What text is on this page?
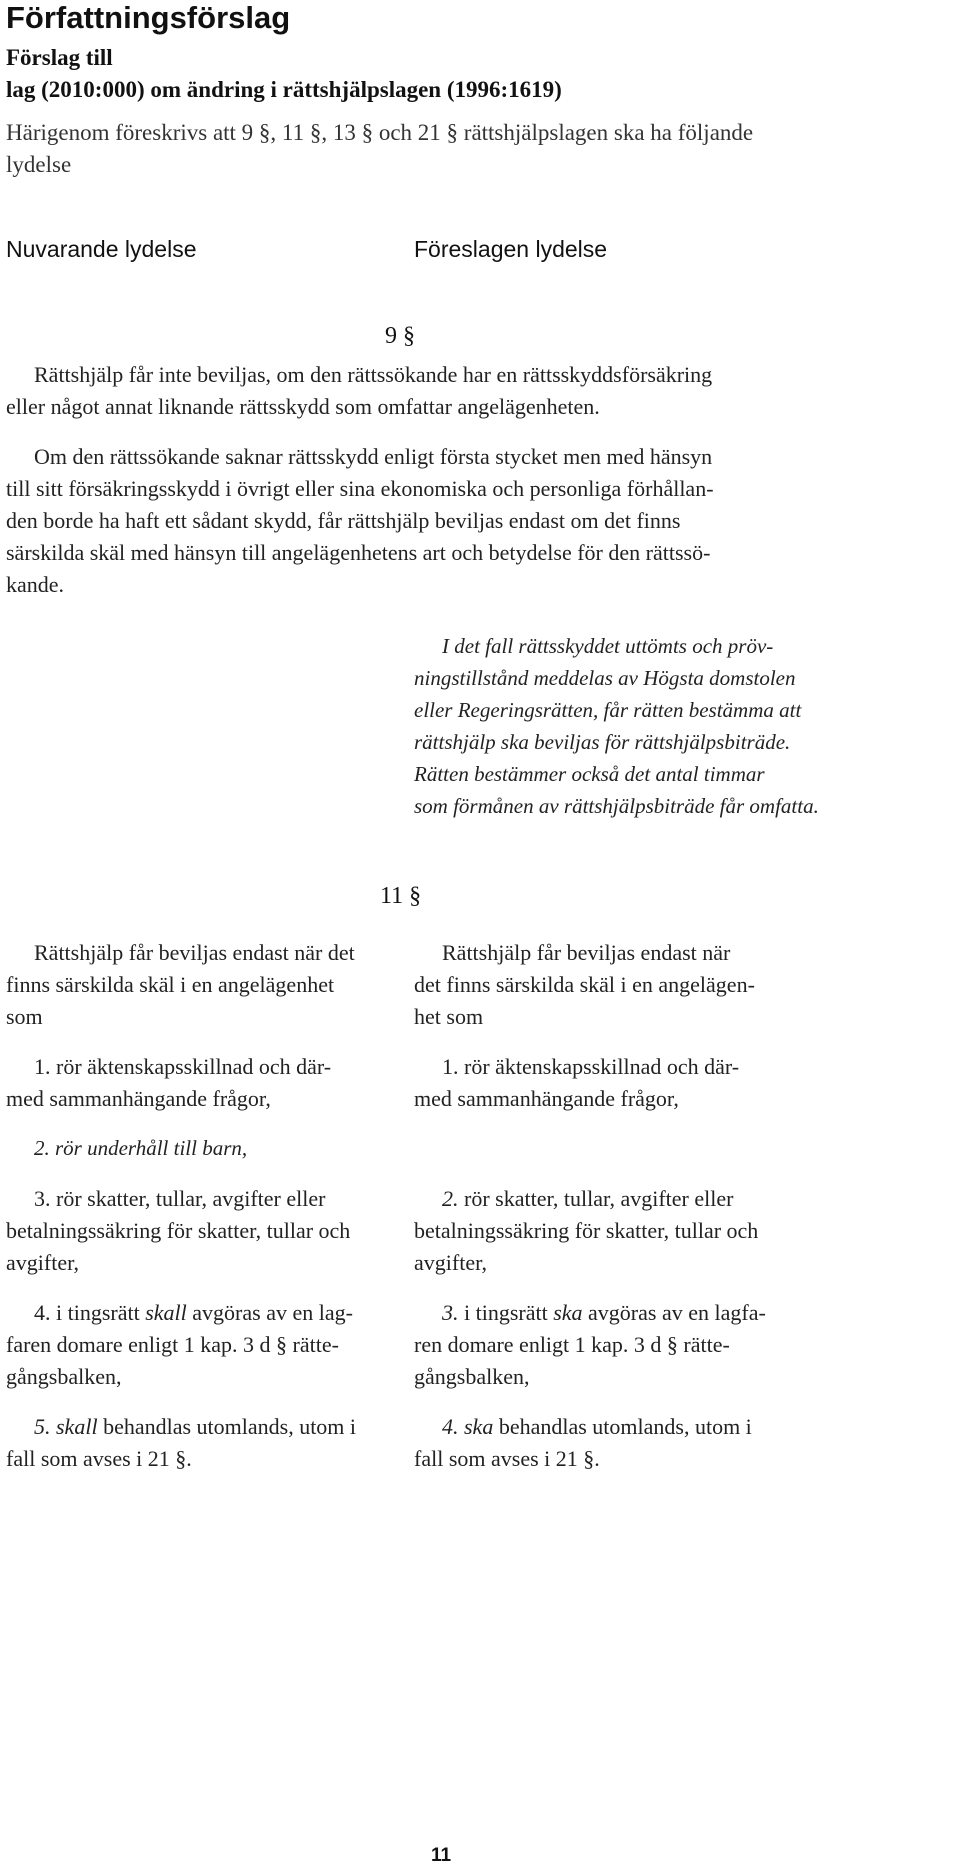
Författningsförslag
Förslag till
lag (2010:000) om ändring i rättshjälpslagen (1996:1619)
Härigenom föreskrivs att 9 §, 11 §, 13 § och 21 § rättshjälpslagen ska ha följande
lydelse
Nuvarande lydelse	Föreslagen lydelse
9 §
Rättshjälp får inte beviljas, om den rättssökande har en rättsskyddsförsäkring
eller något annat liknande rättsskydd som omfattar angelägenheten.
Om den rättssökande saknar rättsskydd enligt första stycket men med hänsyn
till sitt försäkringsskydd i övrigt eller sina ekonomiska och personliga förhållan-
den borde ha haft ett sådant skydd, får rättshjälp beviljas endast om det finns
särskilda skäl med hänsyn till angelägenhetens art och betydelse för den rättssö-
kande.
I det fall rättsskyddet uttömts och pröv-
ningstillstånd meddelas av Högsta domstolen
eller Regeringsrätten, får rätten bestämma att
rättshjälp ska beviljas för rättshjälpsbiträde.
Rätten bestämmer också det antal timmar
som förmånen av rättshjälpsbiträde får omfatta.
11 §
Rättshjälp får beviljas endast när det
finns särskilda skäl i en angelägenhet
som
1. rör äktenskapsskillnad och där-
med sammanhängande frågor,
2. rör underhåll till barn,
3. rör skatter, tullar, avgifter eller
betalningssäkring för skatter, tullar och
avgifter,
4. i tingsrätt skall avgöras av en lag-
faren domare enligt 1 kap. 3 d § rätte-
gångsbalken,
5. skall behandlas utomlands, utom i
fall som avses i 21 §.
Rättshjälp får beviljas endast när
det finns särskilda skäl i en angelägen-
het som
1. rör äktenskapsskillnad och där-
med sammanhängande frågor,
2. rör skatter, tullar, avgifter eller
betalningssäkring för skatter, tullar och
avgifter,
3. i tingsrätt ska avgöras av en lagfa-
ren domare enligt 1 kap. 3 d § rätte-
gångsbalken,
4. ska behandlas utomlands, utom i
fall som avses i 21 §.
11
